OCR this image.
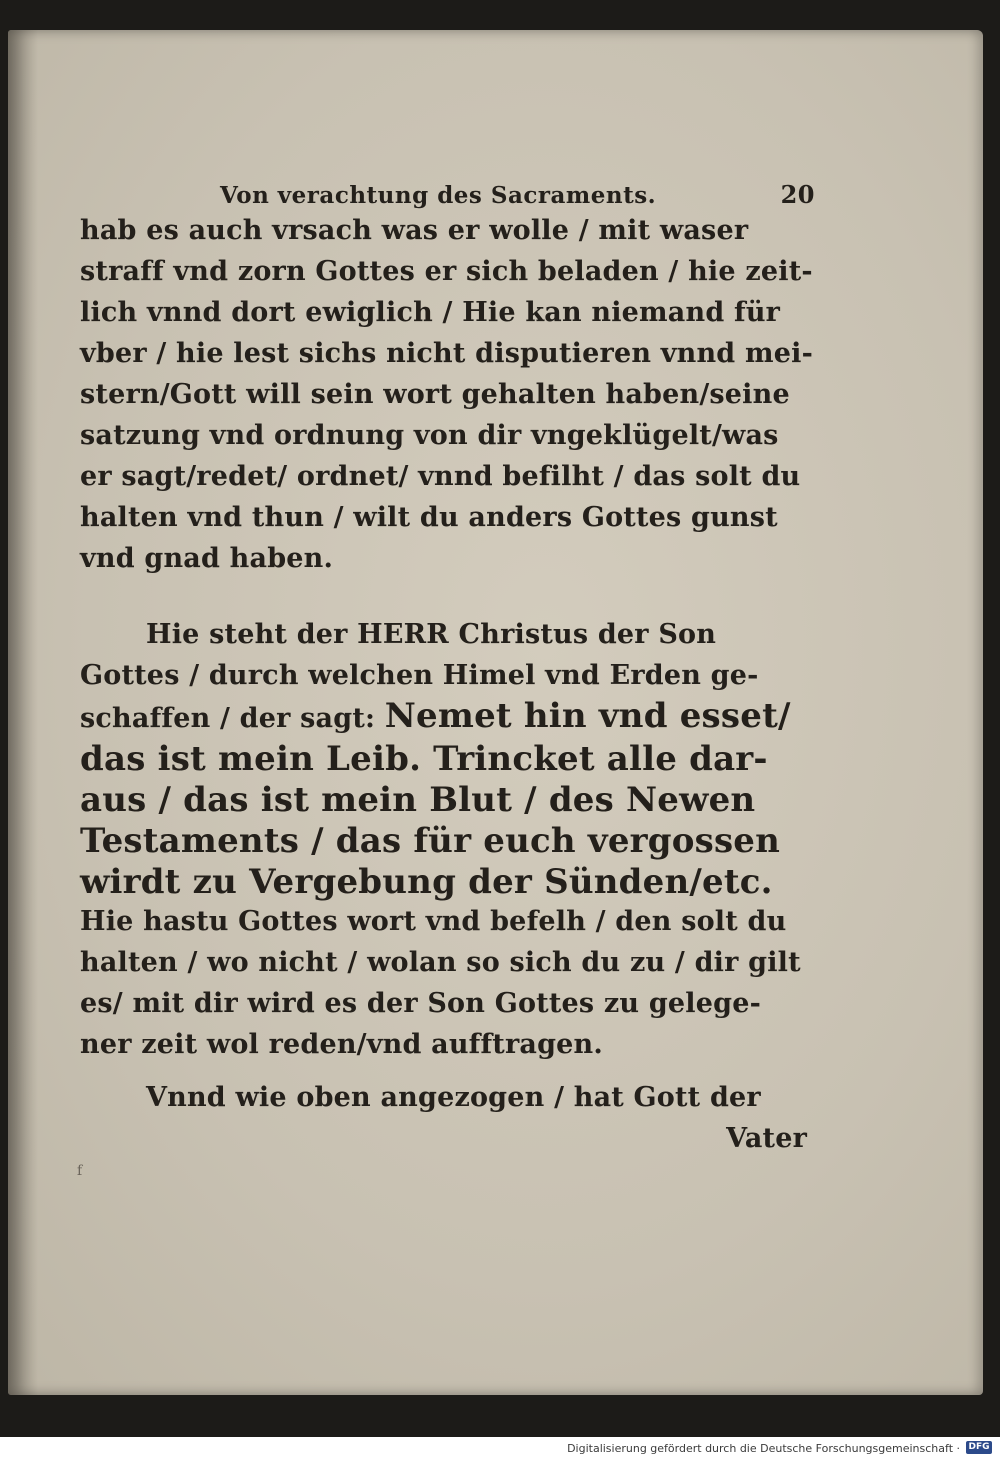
Von verachtung des Sacraments.	20
hab es auch vrsach was er wolle / mit waser
straff vnd zorn Gottes er sich beladen / hie zeit-
lich vnnd dort ewiglich / Hie kan niemand für
vber / hie lest sichs nicht disputieren vnnd mei-
stern/Gott will sein wort gehalten haben/seine
satzung vnd ordnung von dir vngeklügelt/was
er sagt/redet/ ordnet/ vnnd befilht / das solt du
halten vnd thun / wilt du anders Gottes gunst
vnd gnad haben.
Hie steht der HERR Christus der Son
Gottes / durch welchen Himel vnd Erden ge-
schaffen / der sagt: Nemet hin vnd esset/
das ist mein Leib. Trincket alle dar-
aus / das ist mein Blut / des Newen
Testaments / das für euch vergossen
wirdt zu Vergebung der Sünden/etc.
Hie hastu Gottes wort vnd befelh / den solt du
halten / wo nicht / wolan so sich du zu / dir gilt
es/ mit dir wird es der Son Gottes zu gelege-
ner zeit wol reden/vnd aufftragen.
Vnnd wie oben angezogen / hat Gott der
Vater
f
Digitalisierung gefördert durch die Deutsche Forschungsgemeinschaft · DFG
